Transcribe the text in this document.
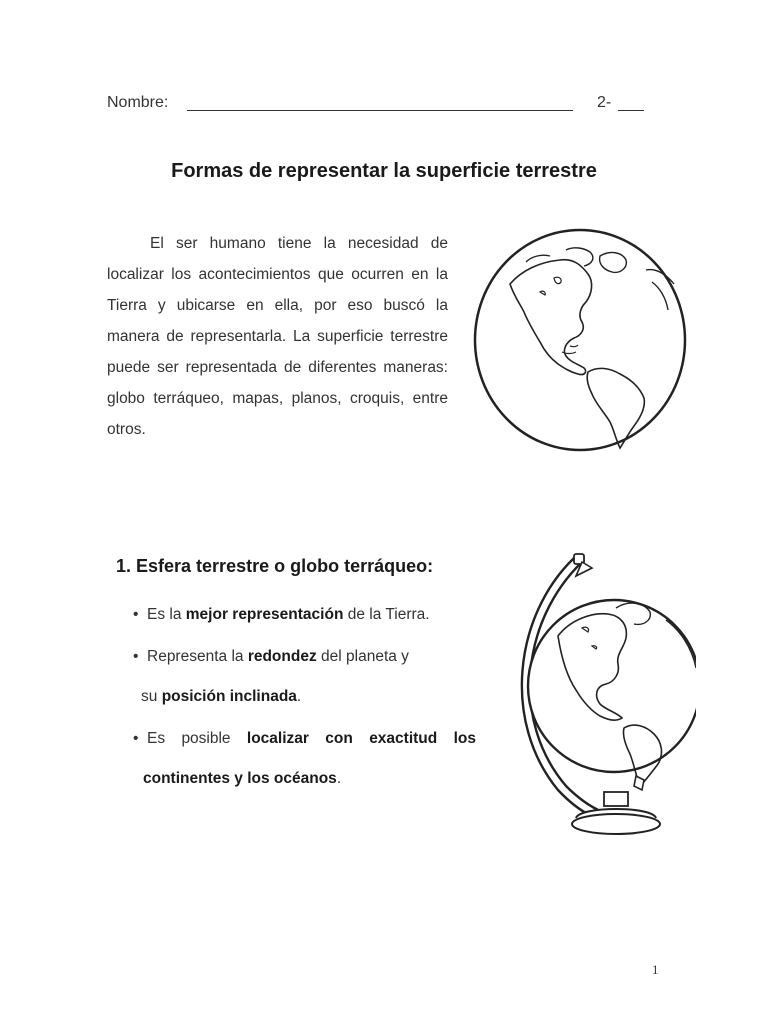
Nombre:	2-
Formas de representar la superficie terrestre

El ser humano tiene la necesidad de localizar los acontecimientos que ocurren en la Tierra y ubicarse en ella, por eso buscó la manera de representarla. La superficie terrestre puede ser representada de diferentes maneras: globo terráqueo, mapas, planos, croquis, entre otros.

1. Esfera terrestre o globo terráqueo:
• Es la mejor representación de la Tierra.
• Representa la redondez del planeta y
su posición inclinada.
• Es posible localizar con exactitud los
continentes y los océanos.
1
